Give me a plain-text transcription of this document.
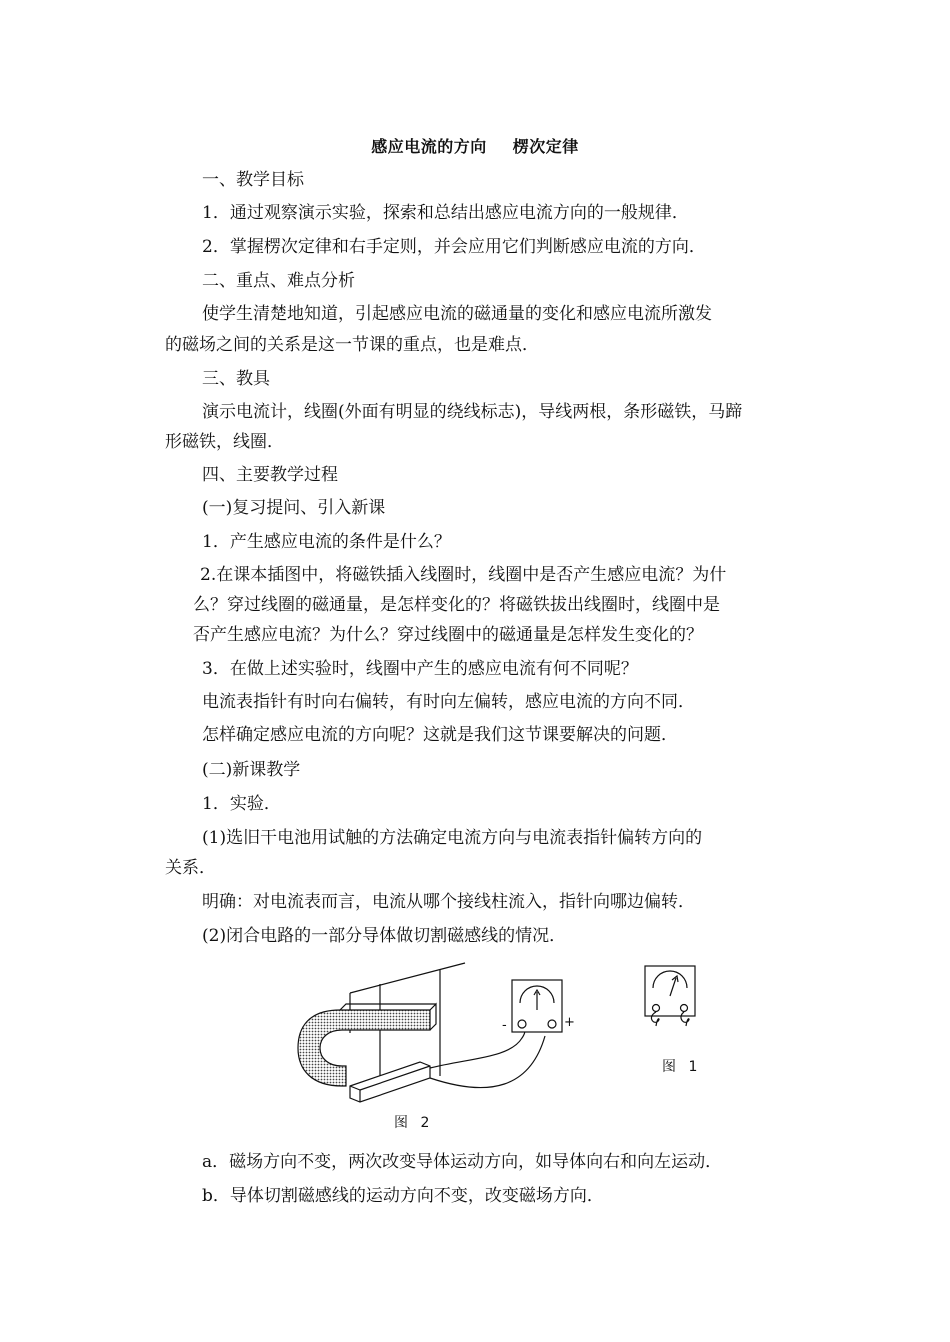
感应电流的方向 楞次定律
一、教学目标
1．通过观察演示实验，探索和总结出感应电流方向的一般规律．
2．掌握楞次定律和右手定则，并会应用它们判断感应电流的方向．
二、重点、难点分析
使学生清楚地知道，引起感应电流的磁通量的变化和感应电流所激发
的磁场之间的关系是这一节课的重点，也是难点．
三、教具
演示电流计，线圈(外面有明显的绕线标志)，导线两根，条形磁铁，马蹄
形磁铁，线圈．
四、主要教学过程
(一)复习提问、引入新课
1．产生感应电流的条件是什么？
2.在课本插图中，将磁铁插入线圈时，线圈中是否产生感应电流？为什
么？穿过线圈的磁通量，是怎样变化的？将磁铁拔出线圈时，线圈中是
否产生感应电流？为什么？穿过线圈中的磁通量是怎样发生变化的？
3．在做上述实验时，线圈中产生的感应电流有何不同呢？
电流表指针有时向右偏转，有时向左偏转，感应电流的方向不同．
怎样确定感应电流的方向呢？这就是我们这节课要解决的问题．
(二)新课教学
1．实验．
(1)选旧干电池用试触的方法确定电流方向与电流表指针偏转方向的
关系．
明确：对电流表而言，电流从哪个接线柱流入，指针向哪边偏转．
(2)闭合电路的一部分导体做切割磁感线的情况．
-	+
图 2
图 1
a．磁场方向不变，两次改变导体运动方向，如导体向右和向左运动．
b．导体切割磁感线的运动方向不变，改变磁场方向．
